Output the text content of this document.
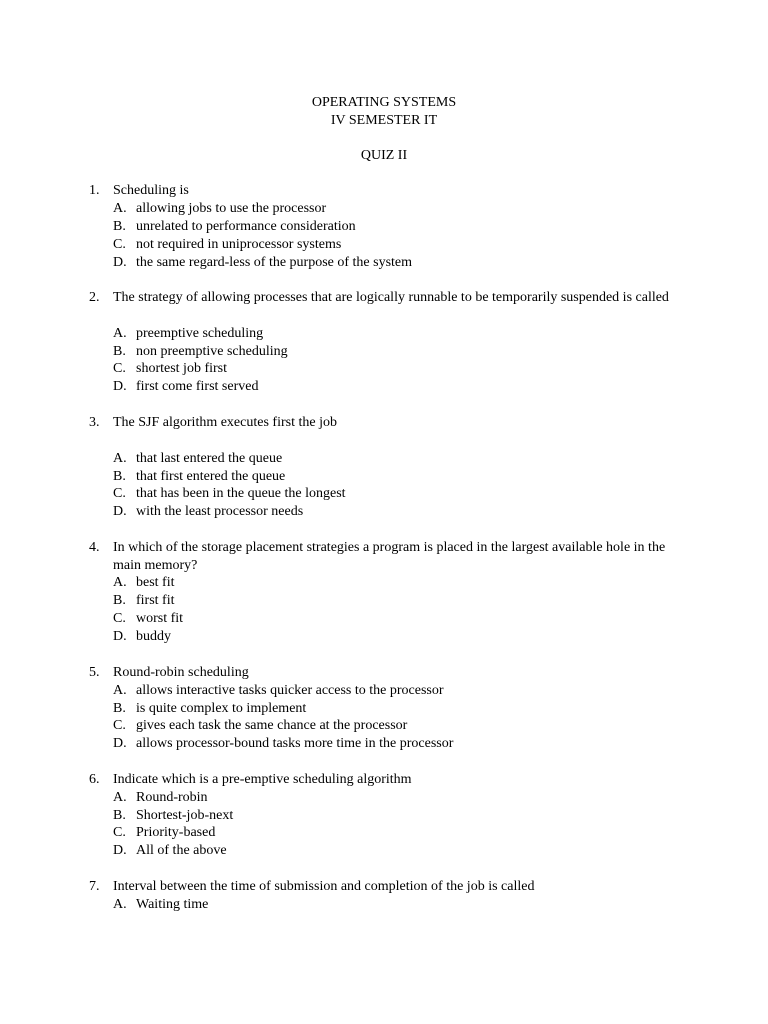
OPERATING SYSTEMS
IV SEMESTER IT
QUIZ II
1. Scheduling is
A. allowing jobs to use the processor
B. unrelated to performance consideration
C. not required in uniprocessor systems
D. the same regard-less of the purpose of the system
2. The strategy of allowing processes that are logically runnable to be temporarily suspended is called
A. preemptive scheduling
B. non preemptive scheduling
C. shortest job first
D. first come first served
3. The SJF algorithm executes first the job
A. that last entered the queue
B. that first entered the queue
C. that has been in the queue the longest
D. with the least processor needs
4. In which of the storage placement strategies a program is placed in the largest available hole in the main memory?
A. best fit
B. first fit
C. worst fit
D. buddy
5. Round-robin scheduling
A. allows interactive tasks quicker access to the processor
B. is quite complex to implement
C. gives each task the same chance at the processor
D. allows processor-bound tasks more time in the processor
6. Indicate which is a pre-emptive scheduling algorithm
A. Round-robin
B. Shortest-job-next
C. Priority-based
D. All of the above
7. Interval between the time of submission and completion of the job is called
A. Waiting time
